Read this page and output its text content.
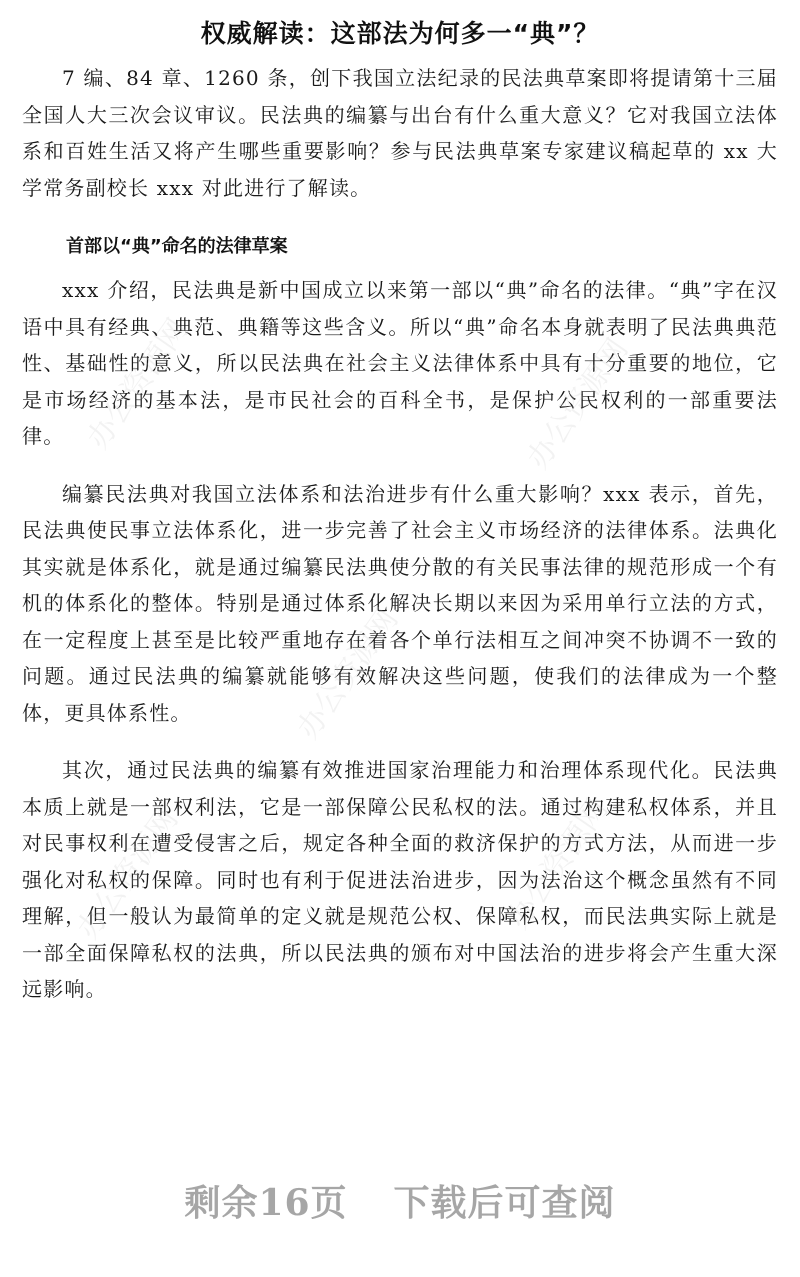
权威解读：这部法为何多一“典”？

7 编、84 章、1260 条，创下我国立法纪录的民法典草案即将提请第十三届全国人大三次会议审议。民法典的编纂与出台有什么重大意义？它对我国立法体系和百姓生活又将产生哪些重要影响？参与民法典草案专家建议稿起草的 xx 大学常务副校长 xxx 对此进行了解读。

首部以“典”命名的法律草案

xxx 介绍，民法典是新中国成立以来第一部以“典”命名的法律。“典”字在汉语中具有经典、典范、典籍等这些含义。所以“典”命名本身就表明了民法典典范性、基础性的意义，所以民法典在社会主义法律体系中具有十分重要的地位，它是市场经济的基本法，是市民社会的百科全书，是保护公民权利的一部重要法律。

编纂民法典对我国立法体系和法治进步有什么重大影响？xxx 表示，首先，民法典使民事立法体系化，进一步完善了社会主义市场经济的法律体系。法典化其实就是体系化，就是通过编纂民法典使分散的有关民事法律的规范形成一个有机的体系化的整体。特别是通过体系化解决长期以来因为采用单行立法的方式，在一定程度上甚至是比较严重地存在着各个单行法相互之间冲突不协调不一致的问题。通过民法典的编纂就能够有效解决这些问题，使我们的法律成为一个整体，更具体系性。

其次，通过民法典的编纂有效推进国家治理能力和治理体系现代化。民法典本质上就是一部权利法，它是一部保障公民私权的法。通过构建私权体系，并且对民事权利在遭受侵害之后，规定各种全面的救济保护的方式方法，从而进一步强化对私权的保障。同时也有利于促进法治进步，因为法治这个概念虽然有不同理解，但一般认为最简单的定义就是规范公权、保障私权，而民法典实际上就是一部全面保障私权的法典，所以民法典的颁布对中国法治的进步将会产生重大深远影响。

办公资源网	办公资源网
办公资源网
办公资源网	办公资源网
剩余16页 下载后可查阅
